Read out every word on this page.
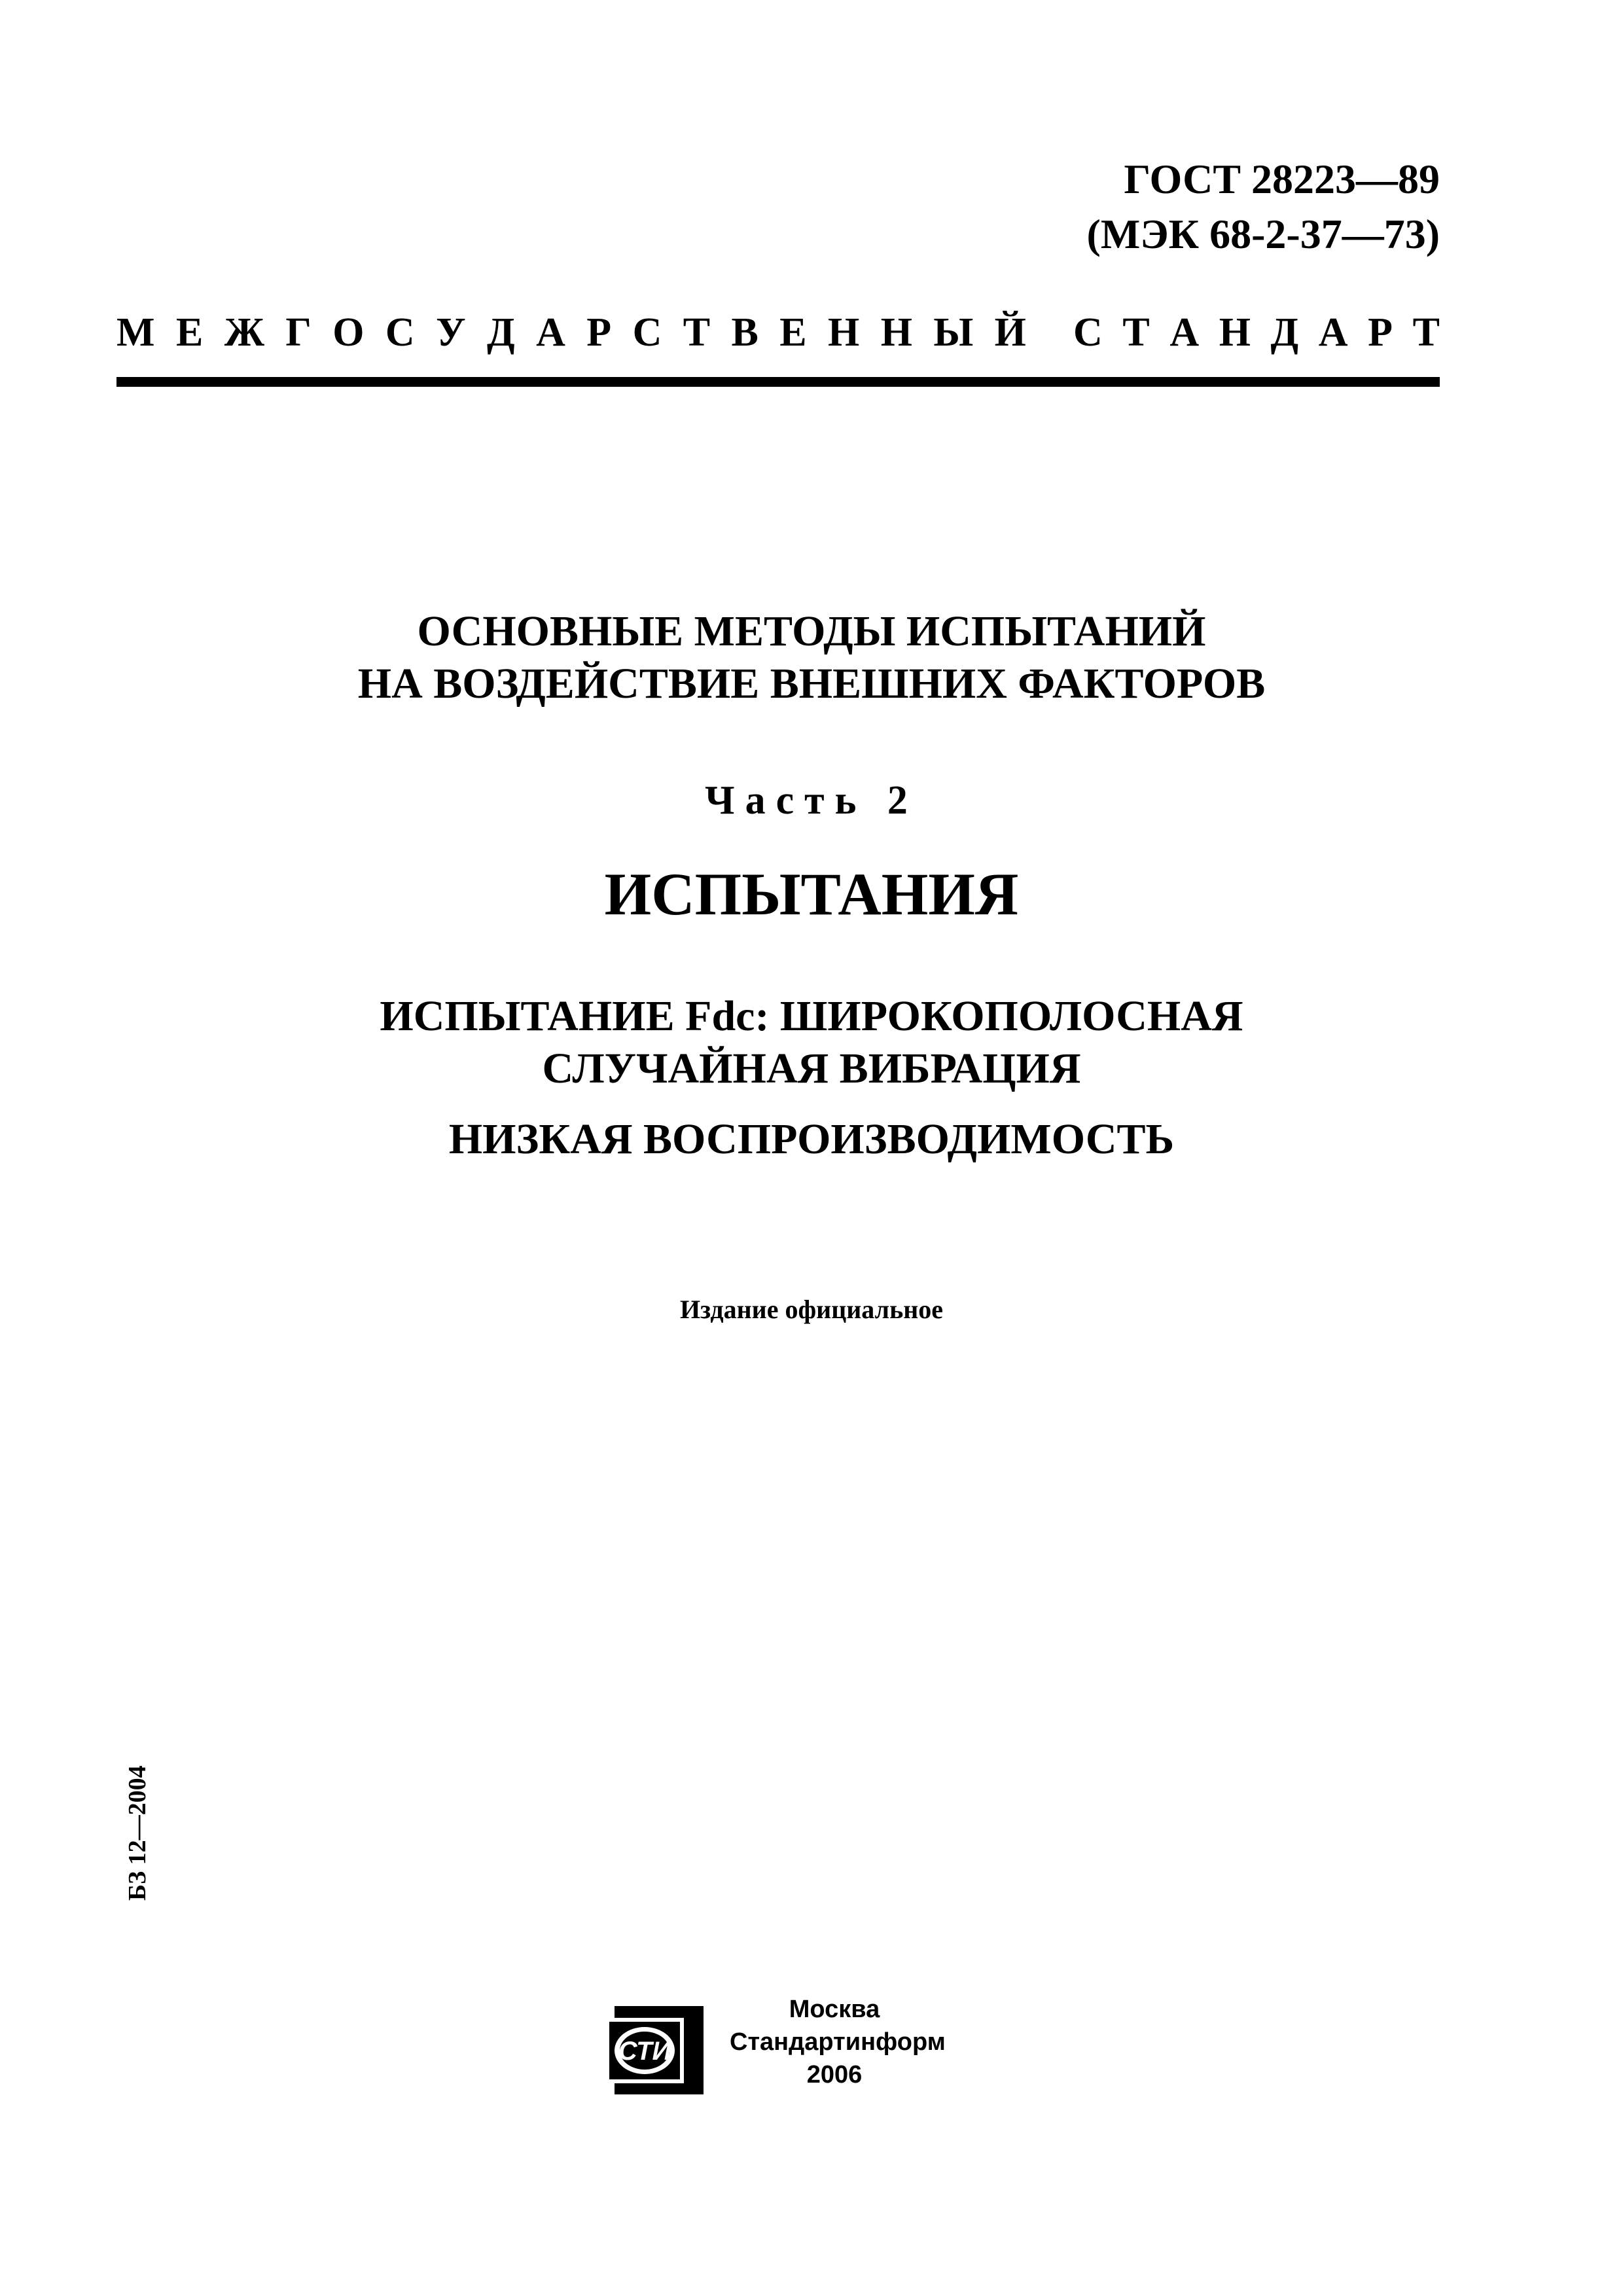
ГОСТ 28223—89
(МЭК 68-2-37—73)
М Е Ж Г О С У Д А Р С Т В Е Н Н Ы Й С Т А Н Д А Р Т
ОСНОВНЫЕ МЕТОДЫ ИСПЫТАНИЙ
НА ВОЗДЕЙСТВИЕ ВНЕШНИХ ФАКТОРОВ
Часть 2
ИСПЫТАНИЯ
ИСПЫТАНИЕ Fdc: ШИРОКОПОЛОСНАЯ
СЛУЧАЙНАЯ ВИБРАЦИЯ
НИЗКАЯ ВОСПРОИЗВОДИМОСТЬ
Издание официальное
БЗ 12—2004
СТИ
Москва
Стандартинформ
2006
